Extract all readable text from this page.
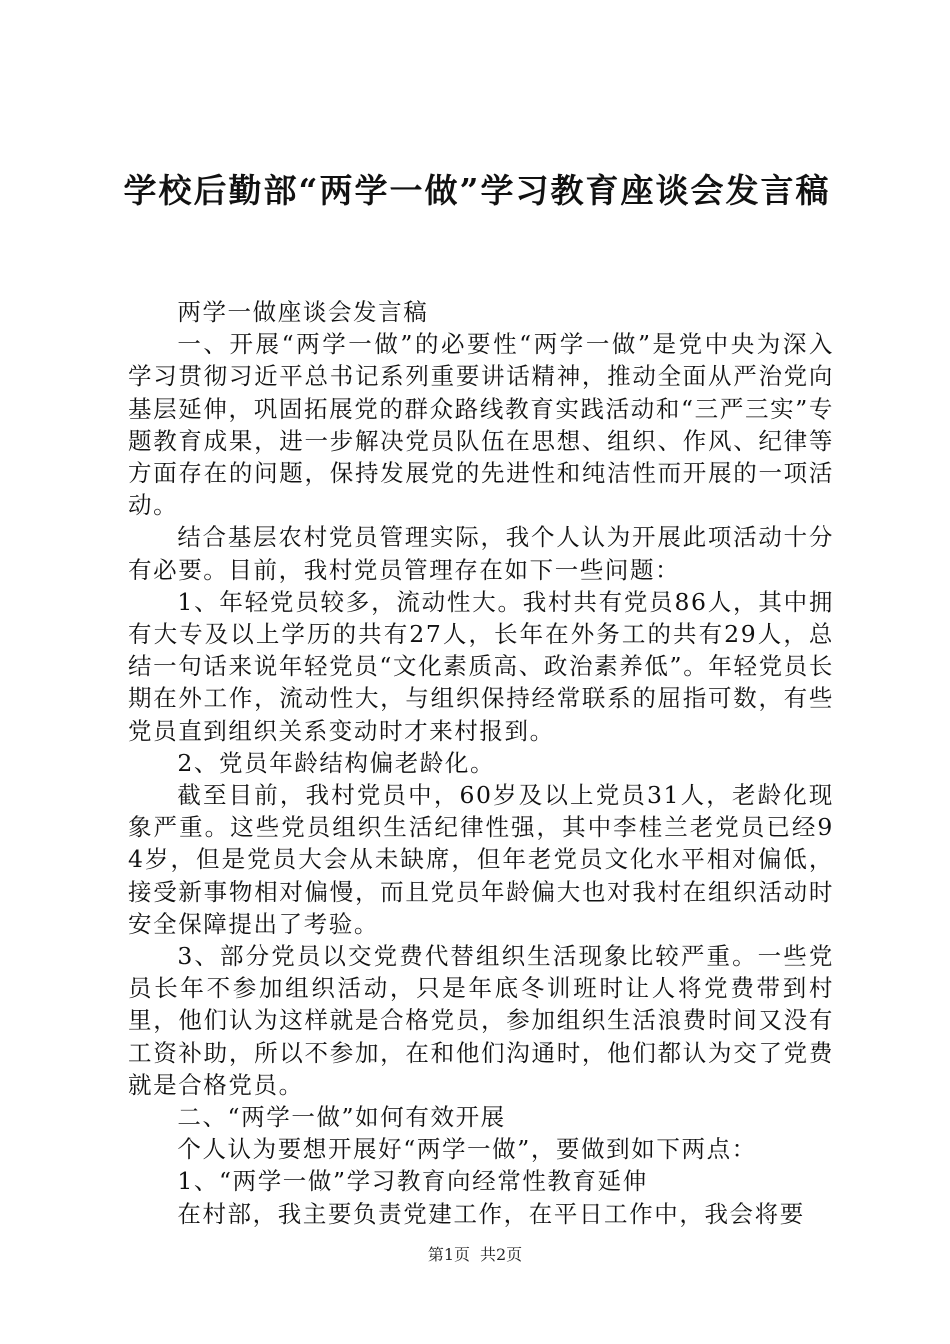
学校后勤部“两学一做”学习教育座谈会发言稿

两学一做座谈会发言稿

一、开展“两学一做”的必要性“两学一做”是党中央为深入学习贯彻习近平总书记系列重要讲话精神，推动全面从严治党向基层延伸，巩固拓展党的群众路线教育实践活动和“三严三实”专题教育成果，进一步解决党员队伍在思想、组织、作风、纪律等方面存在的问题，保持发展党的先进性和纯洁性而开展的一项活动。

结合基层农村党员管理实际，我个人认为开展此项活动十分有必要。目前，我村党员管理存在如下一些问题：

1、年轻党员较多，流动性大。我村共有党员86人，其中拥有大专及以上学历的共有27人，长年在外务工的共有29人，总结一句话来说年轻党员“文化素质高、政治素养低”。年轻党员长期在外工作，流动性大，与组织保持经常联系的屈指可数，有些党员直到组织关系变动时才来村报到。

2、党员年龄结构偏老龄化。

截至目前，我村党员中，60岁及以上党员31人，老龄化现象严重。这些党员组织生活纪律性强，其中李桂兰老党员已经94岁，但是党员大会从未缺席，但年老党员文化水平相对偏低，接受新事物相对偏慢，而且党员年龄偏大也对我村在组织活动时安全保障提出了考验。

3、部分党员以交党费代替组织生活现象比较严重。一些党员长年不参加组织活动，只是年底冬训班时让人将党费带到村里，他们认为这样就是合格党员，参加组织生活浪费时间又没有工资补助，所以不参加，在和他们沟通时，他们都认为交了党费就是合格党员。

二、“两学一做”如何有效开展

个人认为要想开展好“两学一做”，要做到如下两点：

1、“两学一做”学习教育向经常性教育延伸

在村部，我主要负责党建工作，在平日工作中，我会将要

第1页 共2页
